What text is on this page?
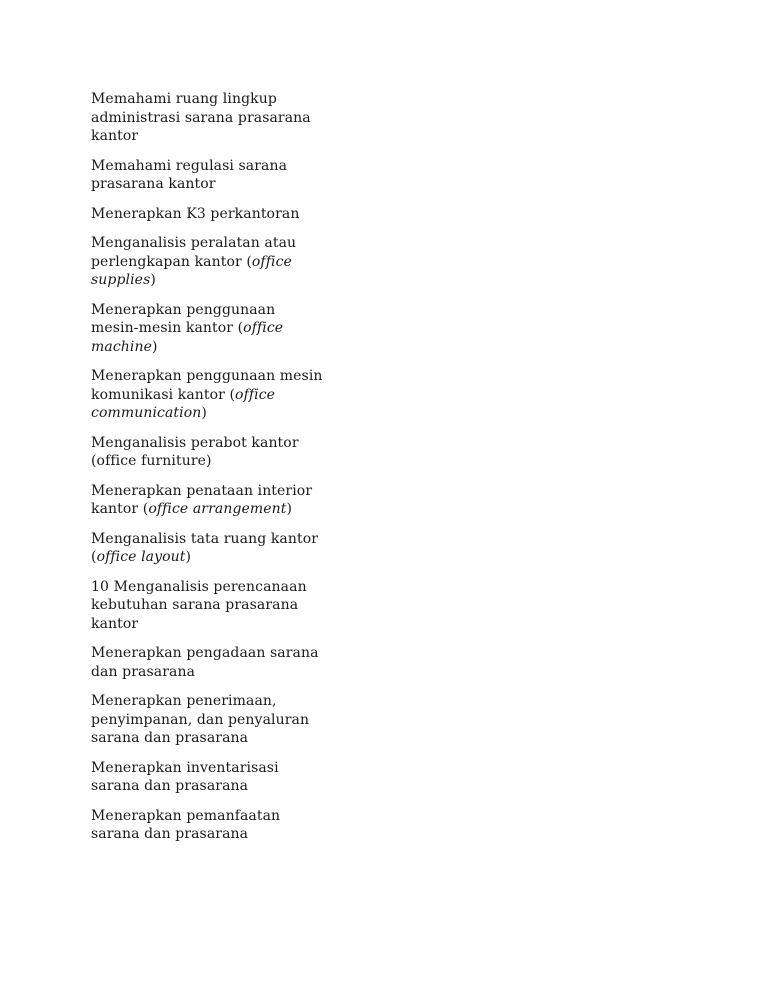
Memahami ruang lingkup
administrasi sarana prasarana
kantor
Memahami regulasi sarana
prasarana kantor
Menerapkan K3 perkantoran
Menganalisis peralatan atau
perlengkapan kantor (office
supplies)
Menerapkan penggunaan
mesin-mesin kantor (office
machine)
Menerapkan penggunaan mesin
komunikasi kantor (office
communication)
Menganalisis perabot kantor
(office furniture)
Menerapkan penataan interior
kantor (office arrangement)
Menganalisis tata ruang kantor
(office layout)
10 Menganalisis perencanaan
kebutuhan sarana prasarana
kantor
Menerapkan pengadaan sarana
dan prasarana
Menerapkan penerimaan,
penyimpanan, dan penyaluran
sarana dan prasarana
Menerapkan inventarisasi
sarana dan prasarana
Menerapkan pemanfaatan
sarana dan prasarana
